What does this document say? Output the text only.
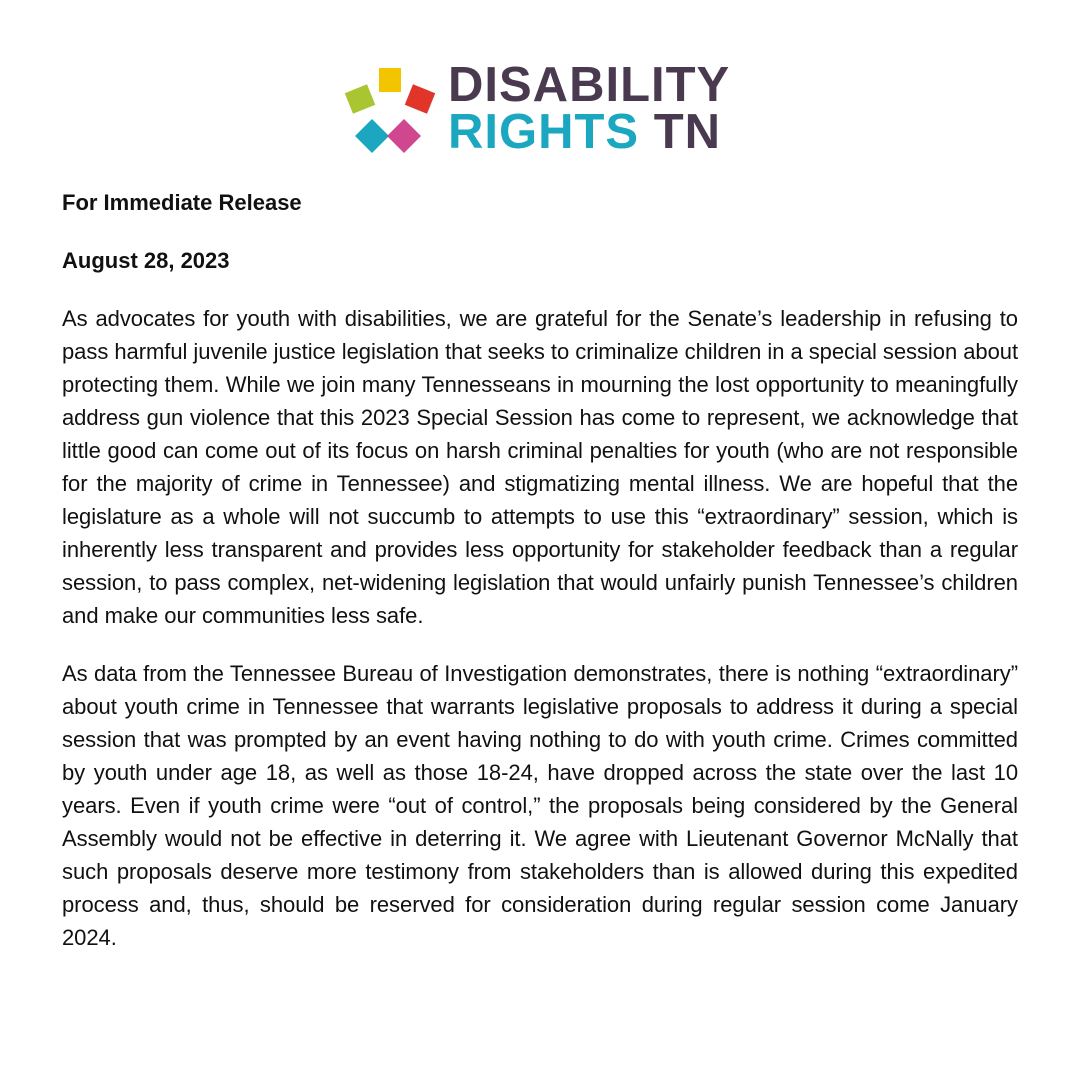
DISABILITY
RIGHTS TN

For Immediate Release

August 28, 2023

As advocates for youth with disabilities, we are grateful for the Senate’s leadership in refusing to pass harmful juvenile justice legislation that seeks to criminalize children in a special session about protecting them. While we join many Tennesseans in mourning the lost opportunity to meaningfully address gun violence that this 2023 Special Session has come to represent, we acknowledge that little good can come out of its focus on harsh criminal penalties for youth (who are not responsible for the majority of crime in Tennessee) and stigmatizing mental illness. We are hopeful that the legislature as a whole will not succumb to attempts to use this “extraordinary” session, which is inherently less transparent and provides less opportunity for stakeholder feedback than a regular session, to pass complex, net-widening legislation that would unfairly punish Tennessee’s children and make our communities less safe.

As data from the Tennessee Bureau of Investigation demonstrates, there is nothing “extraordinary” about youth crime in Tennessee that warrants legislative proposals to address it during a special session that was prompted by an event having nothing to do with youth crime. Crimes committed by youth under age 18, as well as those 18-24, have dropped across the state over the last 10 years. Even if youth crime were “out of control,” the proposals being considered by the General Assembly would not be effective in deterring it. We agree with Lieutenant Governor McNally that such proposals deserve more testimony from stakeholders than is allowed during this expedited process and, thus, should be reserved for consideration during regular session come January 2024.
